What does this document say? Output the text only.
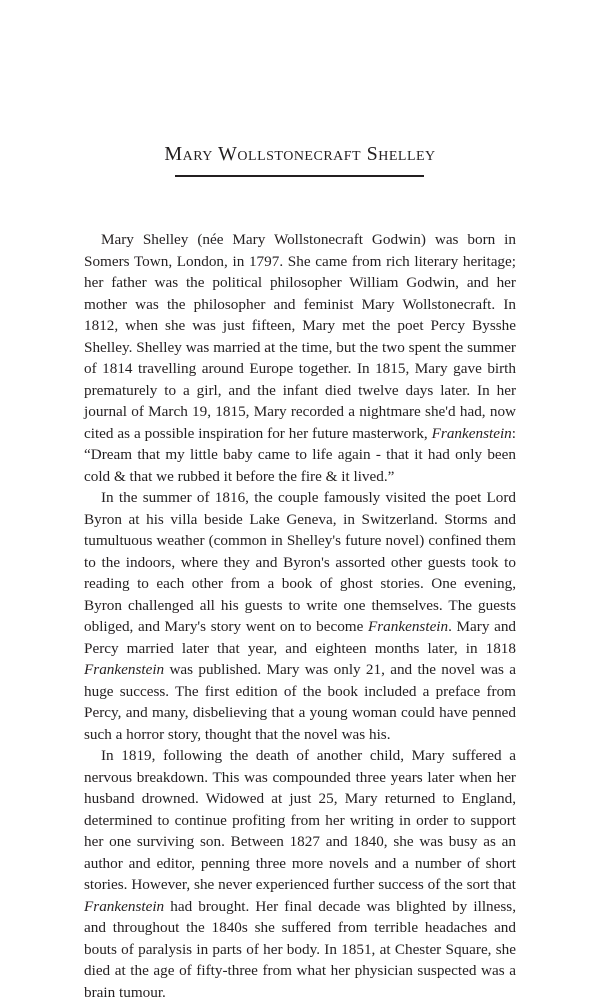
Mary Wollstonecraft Shelley

Mary Shelley (née Mary Wollstonecraft Godwin) was born in Somers Town, London, in 1797. She came from rich literary heritage; her father was the political philosopher William Godwin, and her mother was the philosopher and feminist Mary Wollstonecraft. In 1812, when she was just fifteen, Mary met the poet Percy Bysshe Shelley. Shelley was married at the time, but the two spent the summer of 1814 travelling around Europe together. In 1815, Mary gave birth prematurely to a girl, and the infant died twelve days later. In her journal of March 19, 1815, Mary recorded a nightmare she'd had, now cited as a possible inspiration for her future masterwork, Frankenstein: “Dream that my little baby came to life again - that it had only been cold & that we rubbed it before the fire & it lived.”

In the summer of 1816, the couple famously visited the poet Lord Byron at his villa beside Lake Geneva, in Switzerland. Storms and tumultuous weather (common in Shelley's future novel) confined them to the indoors, where they and Byron's assorted other guests took to reading to each other from a book of ghost stories. One evening, Byron challenged all his guests to write one themselves. The guests obliged, and Mary's story went on to become Frankenstein. Mary and Percy married later that year, and eighteen months later, in 1818 Frankenstein was published. Mary was only 21, and the novel was a huge success. The first edition of the book included a preface from Percy, and many, disbelieving that a young woman could have penned such a horror story, thought that the novel was his.

In 1819, following the death of another child, Mary suffered a nervous breakdown. This was compounded three years later when her husband drowned. Widowed at just 25, Mary returned to England, determined to continue profiting from her writing in order to support her one surviving son. Between 1827 and 1840, she was busy as an author and editor, penning three more novels and a number of short stories. However, she never experienced further success of the sort that Frankenstein had brought. Her final decade was blighted by illness, and throughout the 1840s she suffered from terrible headaches and bouts of paralysis in parts of her body. In 1851, at Chester Square, she died at the age of fifty-three from what her physician suspected was a brain tumour.
